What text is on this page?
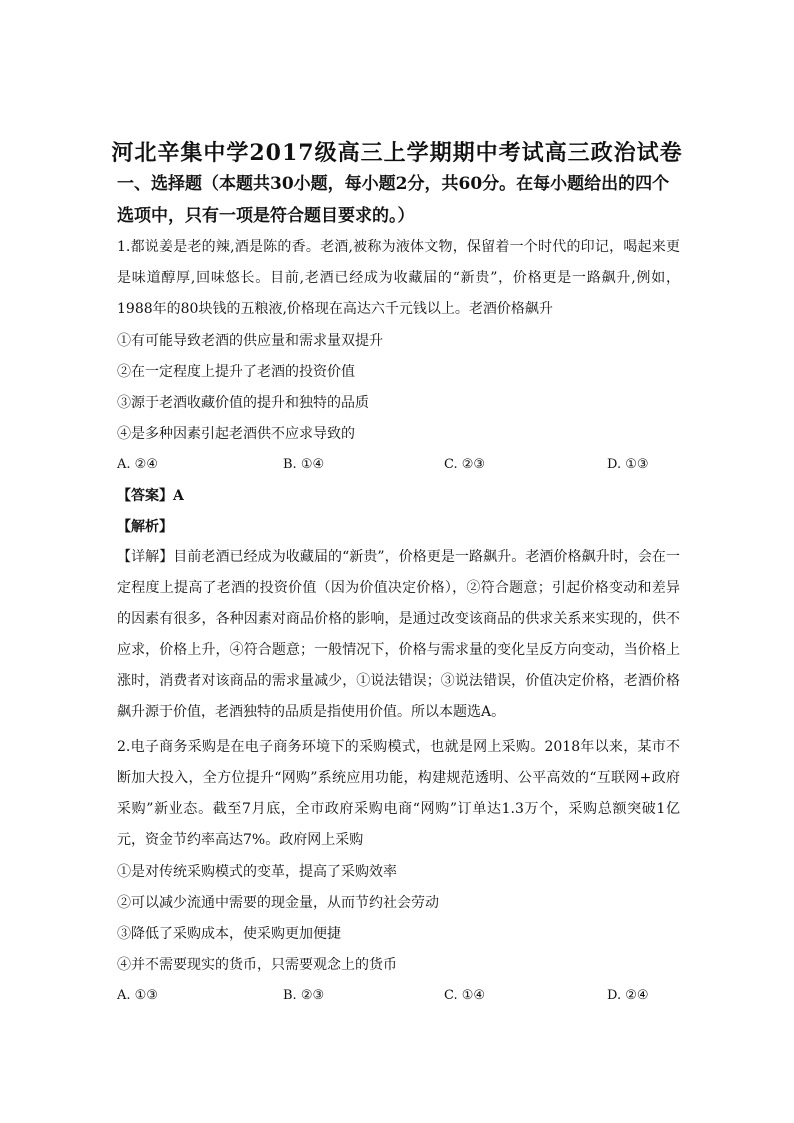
河北辛集中学2017级高三上学期期中考试高三政治试卷
一、选择题（本题共30小题，每小题2分，共60分。在每小题给出的四个选项中，只有一项是符合题目要求的。）
1.都说姜是老的辣,酒是陈的香。老酒,被称为液体文物，保留着一个时代的印记，喝起来更是味道醇厚,回味悠长。目前,老酒已经成为收藏届的“新贵”，价格更是一路飙升,例如，1988年的80块钱的五粮液,价格现在高达六千元钱以上。老酒价格飙升
①有可能导致老酒的供应量和需求量双提升
②在一定程度上提升了老酒的投资价值
③源于老酒收藏价值的提升和独特的品质
④是多种因素引起老酒供不应求导致的
A. ②④	B. ①④	C. ②③	D. ①③
【答案】A
【解析】
【详解】目前老酒已经成为收藏届的“新贵”，价格更是一路飙升。老酒价格飙升时，会在一定程度上提高了老酒的投资价值（因为价值决定价格），②符合题意；引起价格变动和差异的因素有很多，各种因素对商品价格的影响，是通过改变该商品的供求关系来实现的，供不应求，价格上升，④符合题意；一般情况下，价格与需求量的变化呈反方向变动，当价格上涨时，消费者对该商品的需求量减少，①说法错误；③说法错误，价值决定价格，老酒价格飙升源于价值，老酒独特的品质是指使用价值。所以本题选A。
2.电子商务采购是在电子商务环境下的采购模式，也就是网上采购。2018年以来，某市不断加大投入，全方位提升“网购”系统应用功能，构建规范透明、公平高效的“互联网+政府采购”新业态。截至7月底，全市政府采购电商“网购”订单达1.3万个，采购总额突破1亿元，资金节约率高达7%。政府网上采购
①是对传统采购模式的变革，提高了采购效率
②可以减少流通中需要的现金量，从而节约社会劳动
③降低了采购成本，使采购更加便捷
④并不需要现实的货币，只需要观念上的货币
A. ①③	B. ②③	C. ①④	D. ②④
